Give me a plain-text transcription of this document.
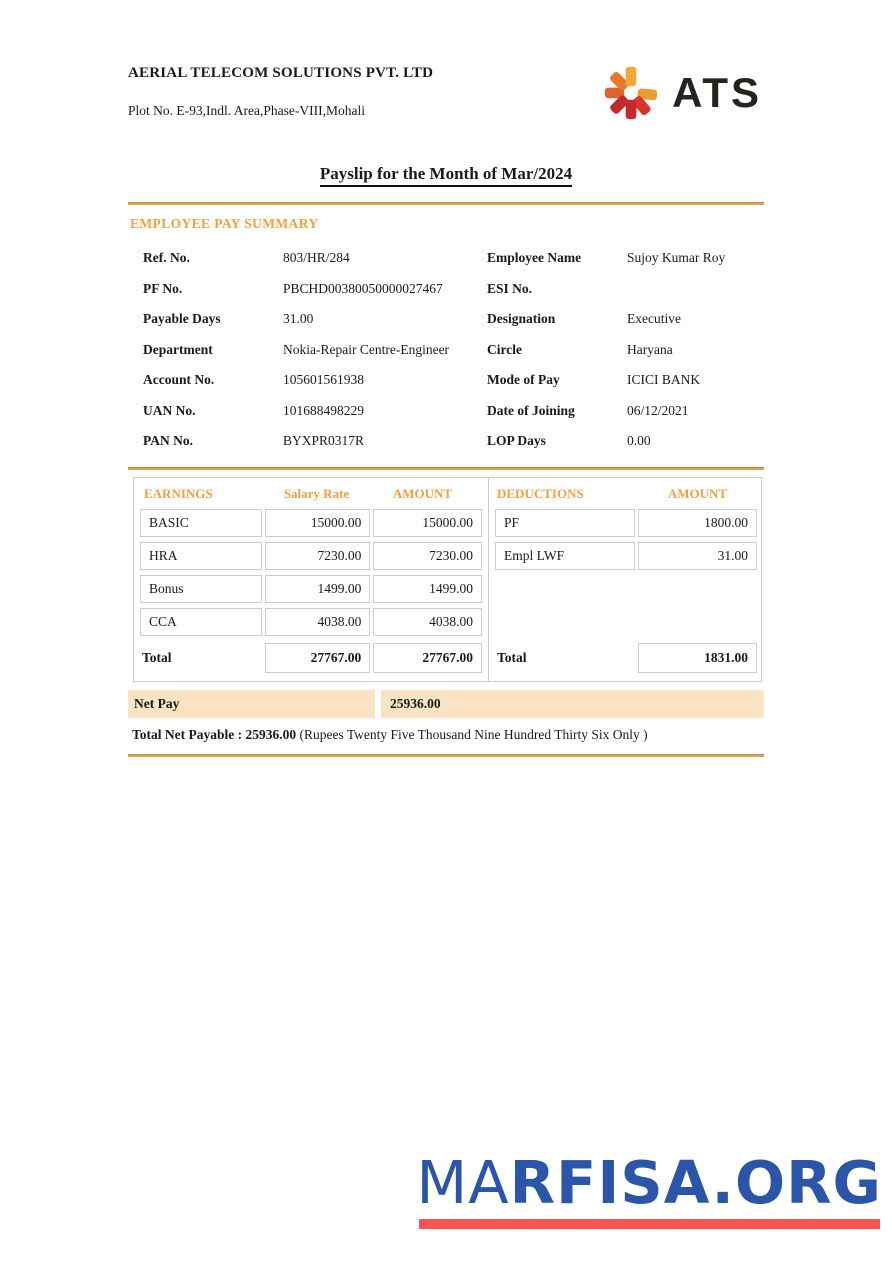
AERIAL TELECOM SOLUTIONS PVT. LTD
Plot No. E-93,Indl. Area,Phase-VIII,Mohali	ATS
Payslip for the Month of Mar/2024
EMPLOYEE PAY SUMMARY
Ref. No.	803/HR/284
PF No.	PBCHD00380050000027467
Payable Days	31.00
Department	Nokia-Repair Centre-Engineer
Account No.	105601561938
UAN No.	101688498229
PAN No.	BYXPR0317R
Employee Name	Sujoy Kumar Roy
ESI No.
Designation	Executive
Circle	Haryana
Mode of Pay	ICICI BANK
Date of Joining	06/12/2021
LOP Days	0.00
EARNINGS	Salary Rate	AMOUNT
BASIC	15000.00	15000.00
HRA	7230.00	7230.00
Bonus	1499.00	1499.00
CCA	4038.00	4038.00
Total	27767.00	27767.00
DEDUCTIONS	AMOUNT
PF	1800.00
Empl LWF	31.00
Total	1831.00
Net Pay	25936.00
Total Net Payable : 25936.00 (Rupees Twenty Five Thousand Nine Hundred Thirty Six Only )
MARFISA.ORG
